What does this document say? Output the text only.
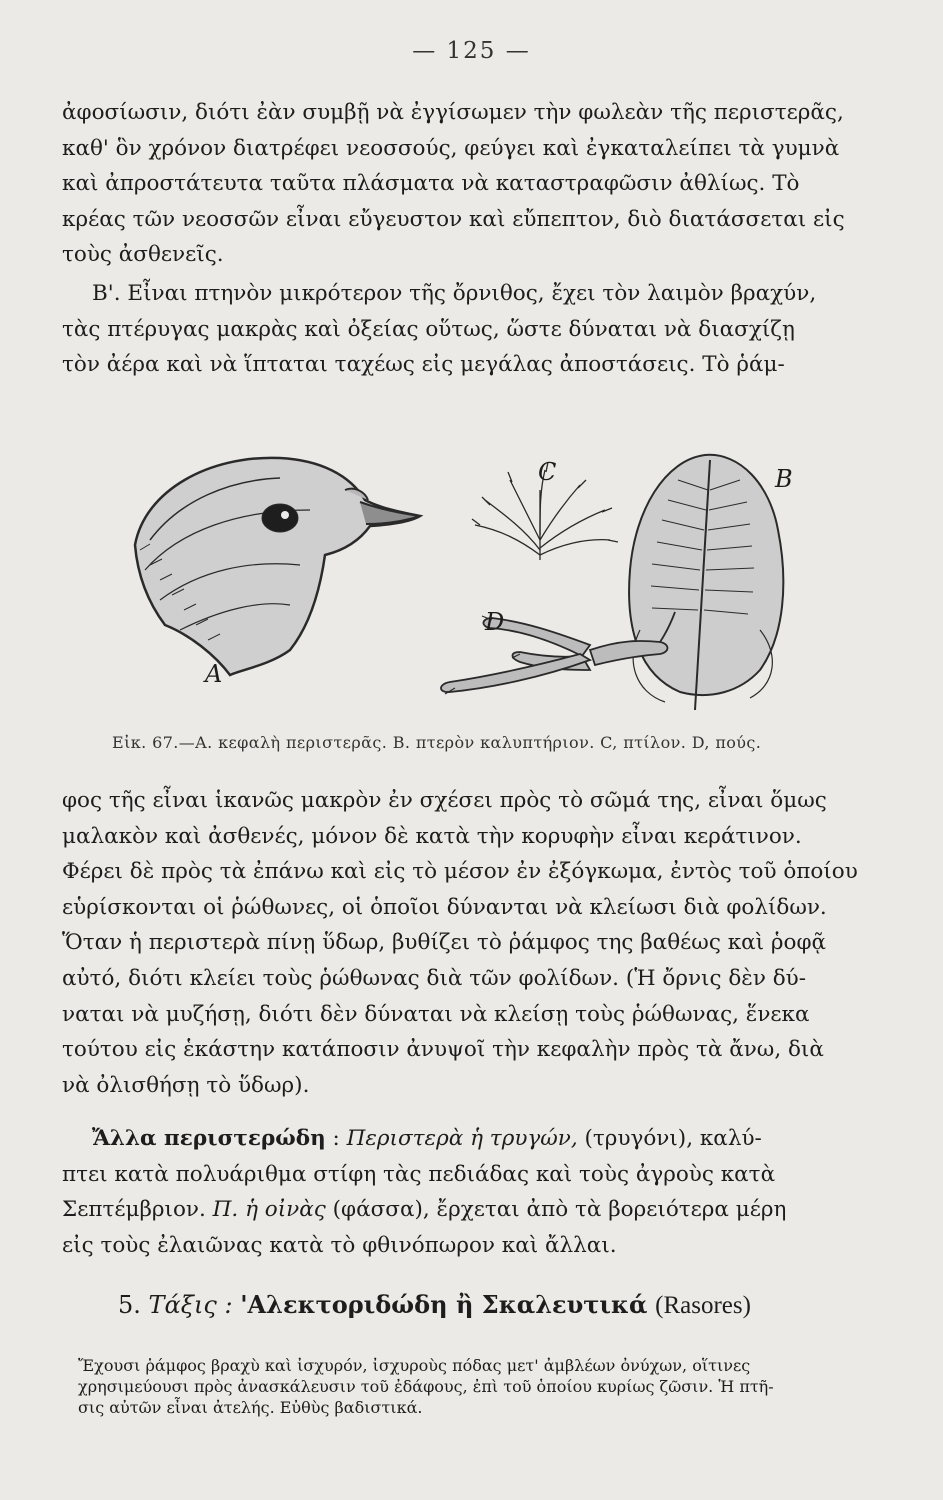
— 125 —

ἀφοσίωσιν, διότι ἐὰν συμβῇ νὰ ἐγγίσωμεν τὴν φωλεὰν τῆς περιστερᾶς,
καθ' ὃν χρόνον διατρέφει νεοσσούς, φεύγει καὶ ἐγκαταλείπει τὰ γυμνὰ
καὶ ἀπροστάτευτα ταῦτα πλάσματα νὰ καταστραφῶσιν ἀθλίως. Τὸ
κρέας τῶν νεοσσῶν εἶναι εὔγευστον καὶ εὔπεπτον, διὸ διατάσσεται εἰς
τοὺς ἀσθενεῖς.

Β'. Εἶναι πτηνὸν μικρότερον τῆς ὄρνιθος, ἔχει τὸν λαιμὸν βραχύν,
τὰς πτέρυγας μακρὰς καὶ ὀξείας οὕτως, ὥστε δύναται νὰ διασχίζῃ
τὸν ἀέρα καὶ νὰ ἵπταται ταχέως εἰς μεγάλας ἀποστάσεις. Τὸ ῥάμ-

A
B
C
D
Εἰκ. 67.—Α. κεφαλὴ περιστερᾶς. Β. πτερὸν καλυπτήριον. C, πτίλον. D, πούς.

φος τῆς εἶναι ἱκανῶς μακρὸν ἐν σχέσει πρὸς τὸ σῶμά της, εἶναι ὅμως
μαλακὸν καὶ ἀσθενές, μόνον δὲ κατὰ τὴν κορυφὴν εἶναι κεράτινον.
Φέρει δὲ πρὸς τὰ ἐπάνω καὶ εἰς τὸ μέσον ἐν ἐξόγκωμα, ἐντὸς τοῦ ὁποίου
εὑρίσκονται οἱ ῥώθωνες, οἱ ὁποῖοι δύνανται νὰ κλείωσι διὰ φολίδων.
Ὅταν ἡ περιστερὰ πίνῃ ὕδωρ, βυθίζει τὸ ῥάμφος της βαθέως καὶ ῥοφᾷ
αὐτό, διότι κλείει τοὺς ῥώθωνας διὰ τῶν φολίδων. (Ἡ ὄρνις δὲν δύ-
ναται νὰ μυζήσῃ, διότι δὲν δύναται νὰ κλείσῃ τοὺς ῥώθωνας, ἕνεκα
τούτου εἰς ἑκάστην κατάποσιν ἀνυψοῖ τὴν κεφαλὴν πρὸς τὰ ἄνω, διὰ
νὰ ὀλισθήσῃ τὸ ὕδωρ).

Ἄλλα περιστερώδη : Περιστερὰ ἡ τρυγών, (τρυγόνι), καλύ-
πτει κατὰ πολυάριθμα στίφη τὰς πεδιάδας καὶ τοὺς ἀγροὺς κατὰ
Σεπτέμβριον. Π. ἡ οἰνὰς (φάσσα), ἔρχεται ἀπὸ τὰ βορειότερα μέρη
εἰς τοὺς ἐλαιῶνας κατὰ τὸ φθινόπωρον καὶ ἄλλαι.

5. Τάξις : 'Αλεκτοριδώδη ἢ Σκαλευτικά (Rasores)

Ἔχουσι ῥάμφος βραχὺ καὶ ἰσχυρόν, ἰσχυροὺς πόδας μετ' ἀμβλέων ὀνύχων, οἵτινες
χρησιμεύουσι πρὸς ἀνασκάλευσιν τοῦ ἐδάφους, ἐπὶ τοῦ ὁποίου κυρίως ζῶσιν. Ἡ πτῆ-
σις αὐτῶν εἶναι ἀτελής. Εὐθὺς βαδιστικά.
